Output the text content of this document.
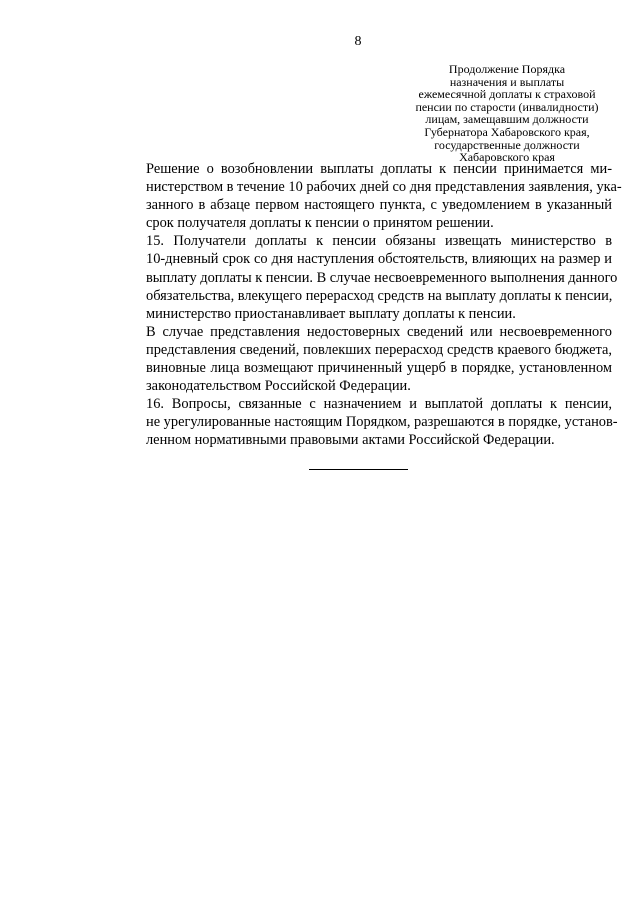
8
Продолжение Порядка
назначения и выплаты
ежемесячной доплаты к страховой
пенсии по старости (инвалидности)
лицам, замещавшим должности
Губернатора Хабаровского края,
государственные должности
Хабаровского края

Решение о возобновлении выплаты доплаты к пенсии принимается ми-
нистерством в течение 10 рабочих дней со дня представления заявления, ука-
занного в абзаце первом настоящего пункта, с уведомлением в указанный
срок получателя доплаты к пенсии о принятом решении.

15. Получатели доплаты к пенсии обязаны извещать министерство в
10-дневный срок со дня наступления обстоятельств, влияющих на размер и
выплату доплаты к пенсии. В случае несвоевременного выполнения данного
обязательства, влекущего перерасход средств на выплату доплаты к пенсии,
министерство приостанавливает выплату доплаты к пенсии.

В случае представления недостоверных сведений или несвоевременного
представления сведений, повлекших перерасход средств краевого бюджета,
виновные лица возмещают причиненный ущерб в порядке, установленном
законодательством Российской Федерации.

16. Вопросы, связанные с назначением и выплатой доплаты к пенсии,
не урегулированные настоящим Порядком, разрешаются в порядке, установ-
ленном нормативными правовыми актами Российской Федерации.
